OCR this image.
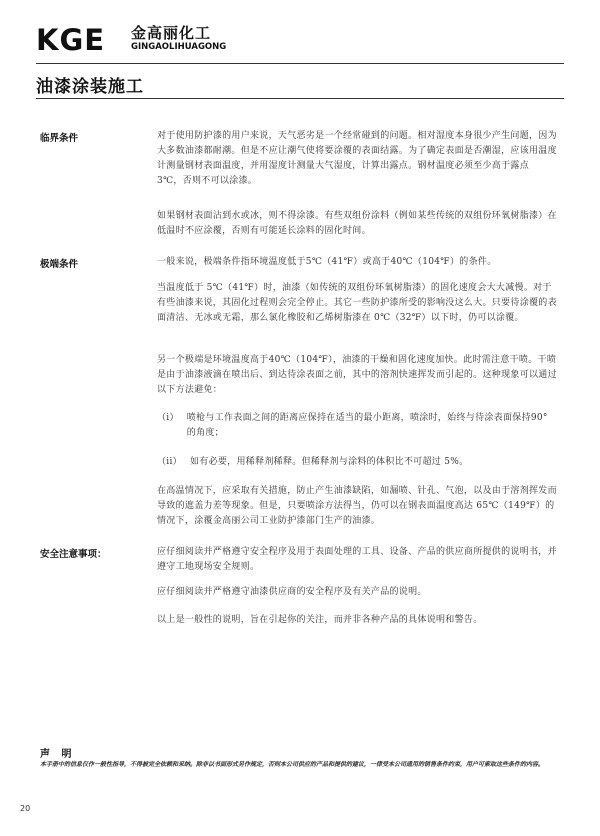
KGE 金高丽化工
GINGAOLIHUAGONG
油漆涂装施工
临界条件	对于使用防护漆的用户来说，天气恶劣是一个经常碰到的问题。相对湿度本身很少产生问题，因为大多数油漆都耐潮。但是不应让潮气使将要涂覆的表面结露。为了确定表面是否潮湿，应该用温度计测量钢材表面温度，并用湿度计测量大气湿度，计算出露点。钢材温度必须至少高于露点　3℃，否则不可以涂漆。

如果钢材表面沾到水或冰，则不得涂漆。有些双组份涂料（例如某些传统的双组份环氧树脂漆）在低温时不应涂覆，否则有可能延长涂料的固化时间。

极端条件	一般来说，极端条件指环境温度低于5℃（41℉）或高于40℃（104℉）的条件。

当温度低于 5℃（41℉）时，油漆（如传统的双组份环氧树脂漆）的固化速度会大大减慢。对于有些油漆来说，其固化过程则会完全停止。其它一些防护漆所受的影响没这么大。只要待涂覆的表面清洁、无冰或无霜，那么氯化橡胶和乙烯树脂漆在 0℃（32℉）以下时，仍可以涂覆。

另一个极端是环境温度高于40℃（104℉），油漆的干燥和固化速度加快。此时需注意干喷。干喷是由于油漆液滴在喷出后、到达待涂表面之前，其中的溶剂快速挥发而引起的。这种现象可以通过以下方法避免：

（i） 喷枪与工作表面之间的距离应保持在适当的最小距离，喷涂时，始终与待涂表面保持90°的角度；
（ii） 如有必要，用稀释剂稀释。但稀释剂与涂料的体积比不可超过 5%。

在高温情况下，应采取有关措施，防止产生油漆缺陷，如漏喷、针孔、气泡，以及由于溶剂挥发而导致的遮盖力差等现象。但是，只要喷涂方法得当，仍可以在钢表面温度高达 65℃（149℉）的情况下，涂覆金高丽公司工业防护漆部门生产的油漆。

安全注意事项：	应仔细阅读并严格遵守安全程序及用于表面处理的工具、设备、产品的供应商所提供的说明书，并遵守工地现场安全规则。

应仔细阅读并严格遵守油漆供应商的安全程序及有关产品的说明。

以上是一般性的说明，旨在引起你的关注，而并非各种产品的具体说明和警告。

声 明

本手册中的信息仅作一般性指导，不得被完全依赖和采纳。除非以书面形式另作规定，否则本公司供应的产品和提供的建议，一律受本公司通用的销售条件约束，用户可索取这些条件的内容。

20
